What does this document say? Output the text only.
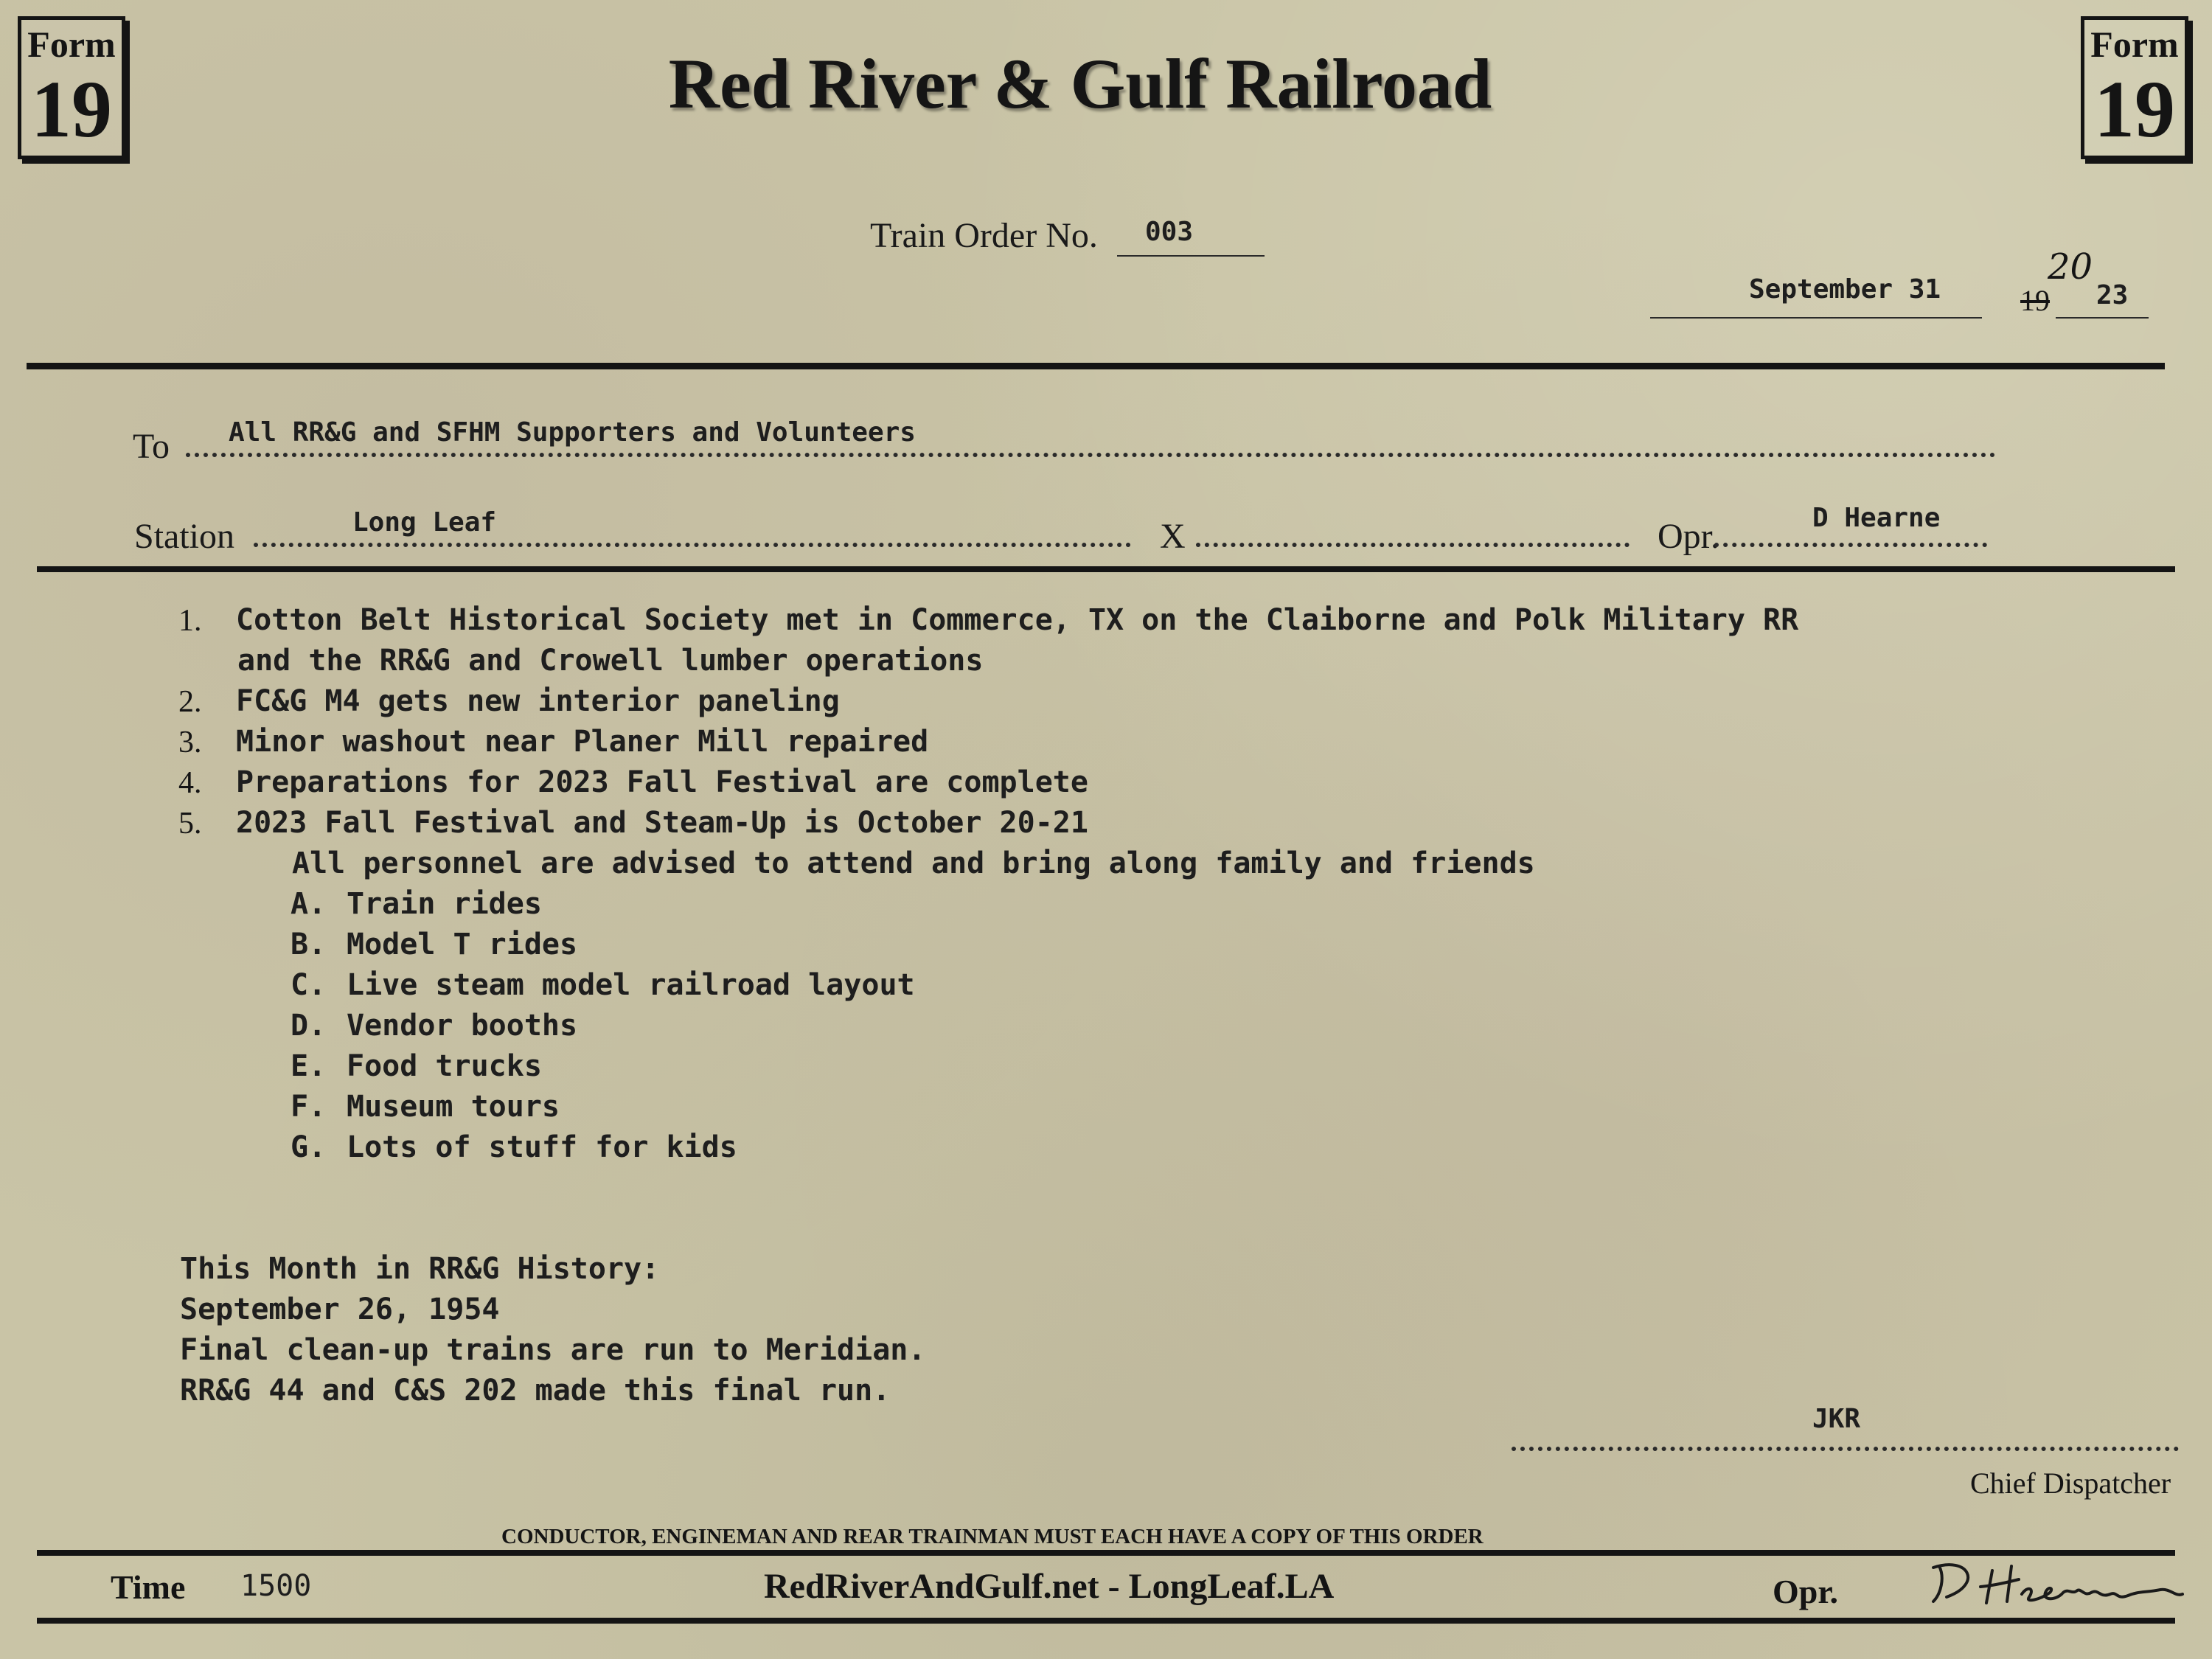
Form
19
Form
19
Red River & Gulf Railroad
Train Order No. 003
September 31	19
20
23
To All RR&G and SFHM Supporters and Volunteers
Station	Long Leaf	X	Opr.	D Hearne
1. Cotton Belt Historical Society met in Commerce, TX on the Claiborne and Polk Military RR
and the RR&G and Crowell lumber operations
2. FC&G M4 gets new interior paneling
3. Minor washout near Planer Mill repaired
4. Preparations for 2023 Fall Festival are complete
5. 2023 Fall Festival and Steam-Up is October 20-21
All personnel are advised to attend and bring along family and friends
A. Train rides
B. Model T rides
C. Live steam model railroad layout
D. Vendor booths
E. Food trucks
F. Museum tours
G. Lots of stuff for kids
This Month in RR&G History:
September 26, 1954
Final clean-up trains are run to Meridian.
RR&G 44 and C&S 202 made this final run.
JKR
Chief Dispatcher
CONDUCTOR, ENGINEMAN AND REAR TRAINMAN MUST EACH HAVE A COPY OF THIS ORDER
Time 1500	RedRiverAndGulf.net - LongLeaf.LA	Opr.
